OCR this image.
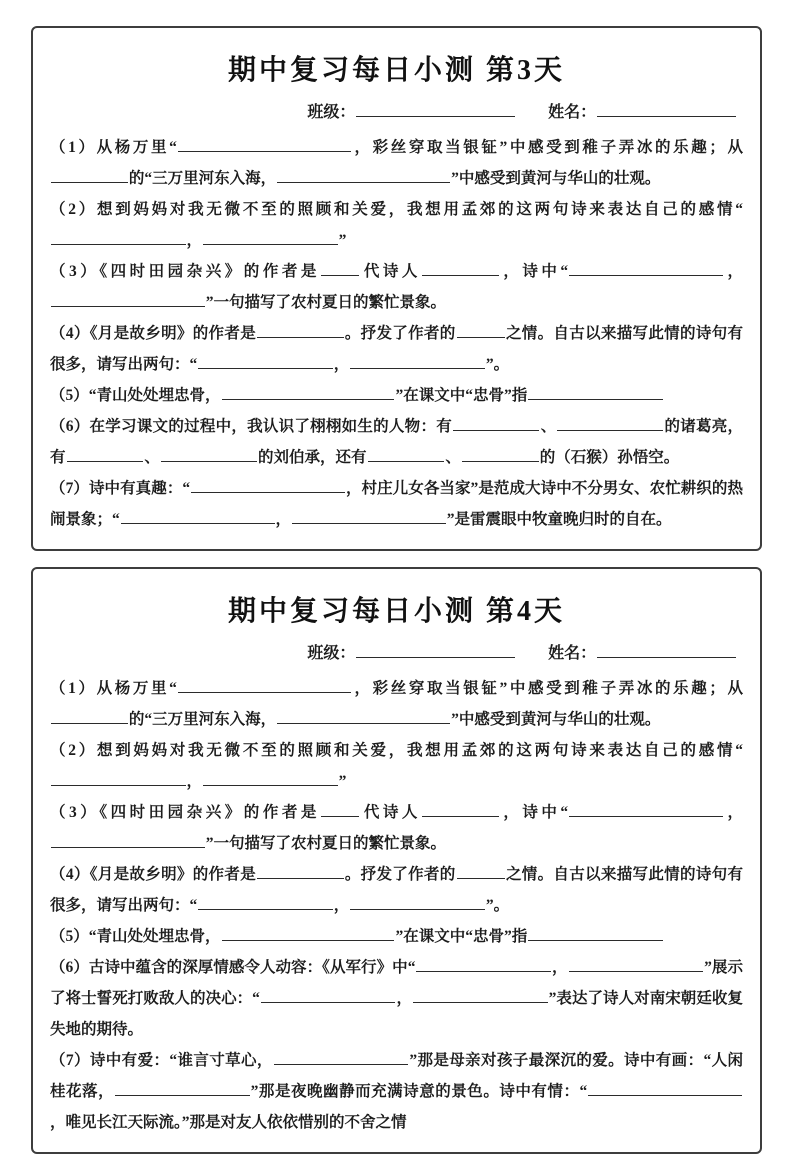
期中复习每日小测 第3天
班级：	　　姓名：

（1）从杨万里“	，彩丝穿取当银钲”中感受到稚子弄冰的乐趣；从的“三万里河东入海，	”中感受到黄河与华山的壮观。

（2）想到妈妈对我无微不至的照顾和关爱，我想用孟郊的这两句诗来表达自己的感情“，	”

（3）《四时田园杂兴》的作者是	代诗人	，诗中“	，”一句描写了农村夏日的繁忙景象。

（4）《月是故乡明》的作者是	。抒发了作者的	之情。自古以来描写此情的诗句有很多，请写出两句：“	，	”。

（5）“青山处处埋忠骨，	”在课文中“忠骨”指

（6）在学习课文的过程中，我认识了栩栩如生的人物：有	、	的诸葛亮，有	、	的刘伯承，还有	、	的（石猴）孙悟空。

（7）诗中有真趣：“	，村庄儿女各当家”是范成大诗中不分男女、农忙耕织的热闹景象；“	，	”是雷震眼中牧童晚归时的自在。

期中复习每日小测 第4天
班级：	　　姓名：

（1）从杨万里“	，彩丝穿取当银钲”中感受到稚子弄冰的乐趣；从的“三万里河东入海，	”中感受到黄河与华山的壮观。

（2）想到妈妈对我无微不至的照顾和关爱，我想用孟郊的这两句诗来表达自己的感情“，	”

（3）《四时田园杂兴》的作者是	代诗人	，诗中“	，”一句描写了农村夏日的繁忙景象。

（4）《月是故乡明》的作者是	。抒发了作者的	之情。自古以来描写此情的诗句有很多，请写出两句：“	，	”。

（5）“青山处处埋忠骨，	”在课文中“忠骨”指

（6）古诗中蕴含的深厚情感令人动容：《从军行》中“	，	”展示了将士誓死打败敌人的决心：“	，	”表达了诗人对南宋朝廷收复失地的期待。

（7）诗中有爱：“谁言寸草心，	”那是母亲对孩子最深沉的爱。诗中有画：“人闲桂花落，	”那是夜晚幽静而充满诗意的景色。诗中有情：“，唯见长江天际流。”那是对友人依依惜别的不舍之情
